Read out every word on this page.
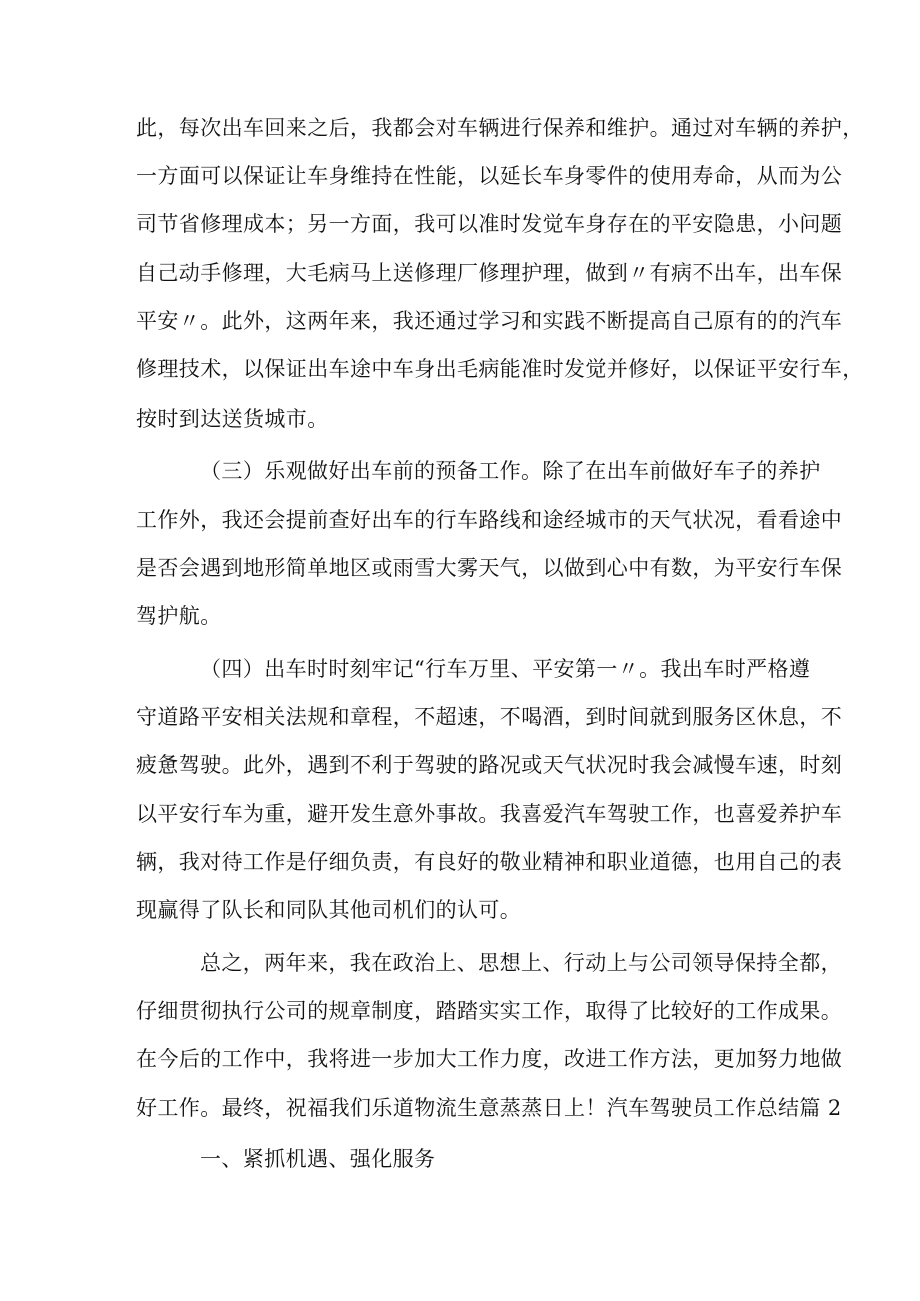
此，每次出车回来之后，我都会对车辆进行保养和维护。通过对车辆的养护，
一方面可以保证让车身维持在性能，以延长车身零件的使用寿命，从而为公
司节省修理成本；另一方面，我可以准时发觉车身存在的平安隐患，小问题
自己动手修理，大毛病马上送修理厂修理护理，做到〃有病不出车，出车保
平安〃。此外，这两年来，我还通过学习和实践不断提高自己原有的的汽车
修理技术，以保证出车途中车身出毛病能准时发觉并修好，以保证平安行车，
按时到达送货城市。
（三）乐观做好出车前的预备工作。除了在出车前做好车子的养护
工作外，我还会提前查好出车的行车路线和途经城市的天气状况，看看途中
是否会遇到地形简单地区或雨雪大雾天气，以做到心中有数，为平安行车保
驾护航。
（四）出车时时刻牢记“行车万里、平安第一〃。我出车时严格遵
守道路平安相关法规和章程，不超速，不喝酒，到时间就到服务区休息，不
疲惫驾驶。此外，遇到不利于驾驶的路况或天气状况时我会减慢车速，时刻
以平安行车为重，避开发生意外事故。我喜爱汽车驾驶工作，也喜爱养护车
辆，我对待工作是仔细负责，有良好的敬业精神和职业道德，也用自己的表
现赢得了队长和同队其他司机们的认可。
总之，两年来，我在政治上、思想上、行动上与公司领导保持全都，
仔细贯彻执行公司的规章制度，踏踏实实工作，取得了比较好的工作成果。
在今后的工作中，我将进一步加大工作力度，改进工作方法，更加努力地做
好工作。最终，祝福我们乐道物流生意蒸蒸日上！汽车驾驶员工作总结篇 2
一、紧抓机遇、强化服务
